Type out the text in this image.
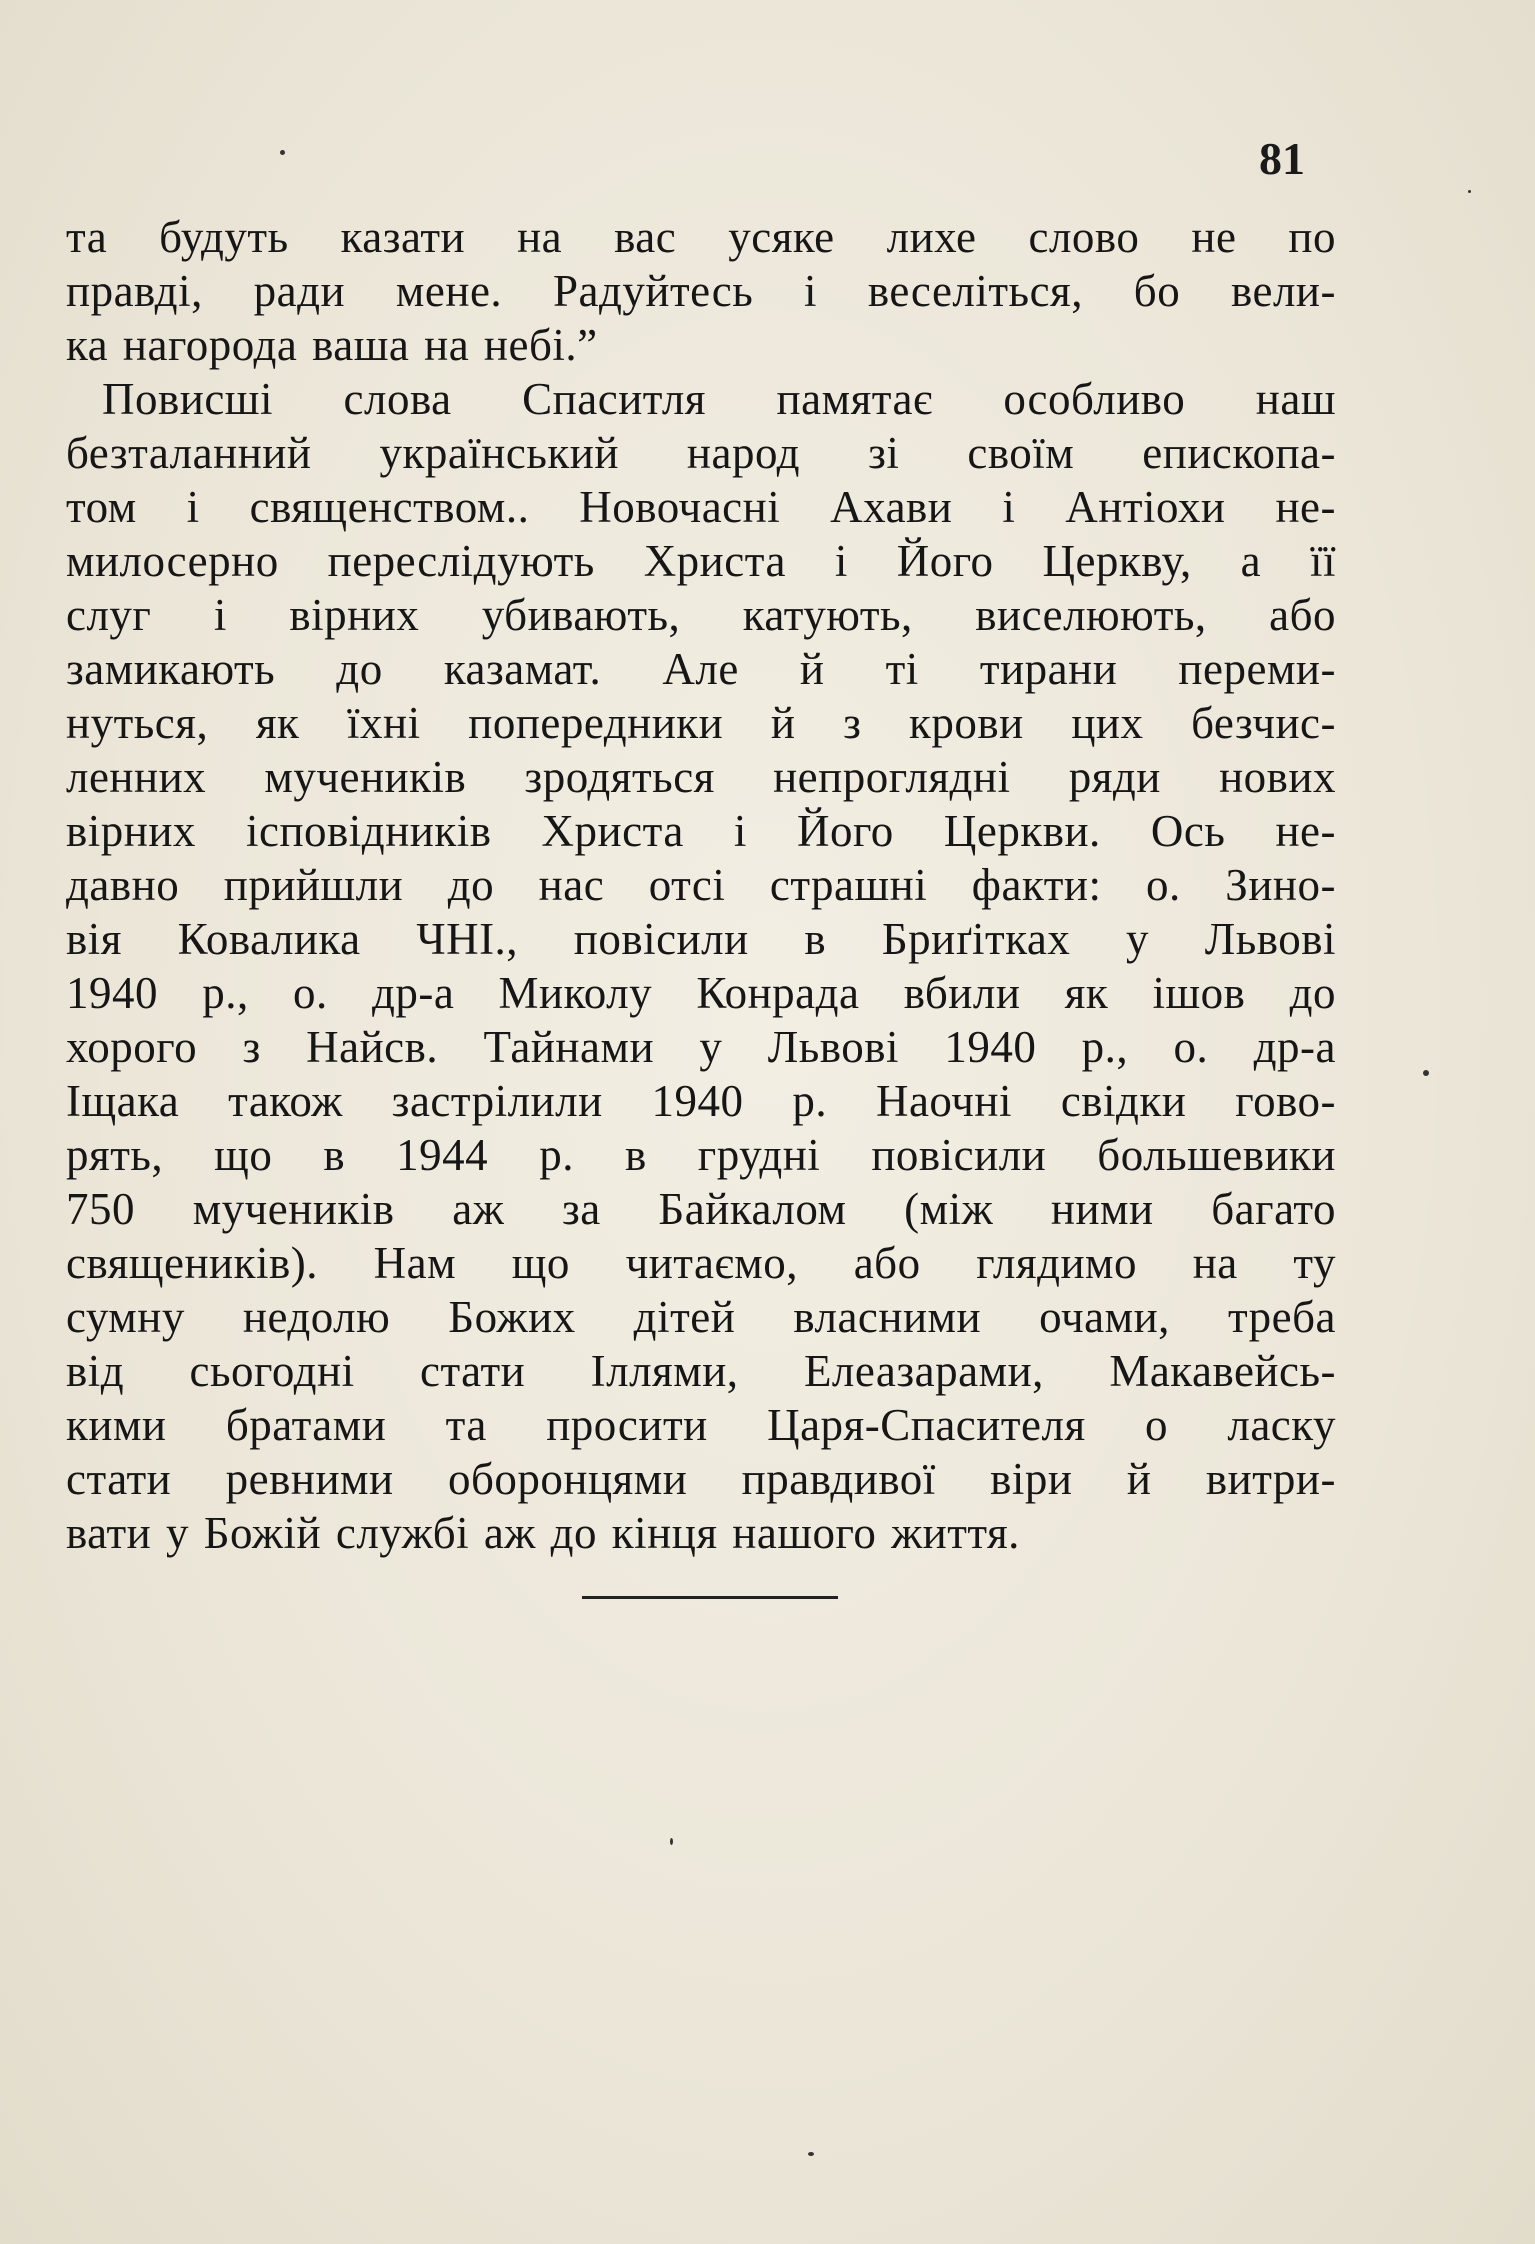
81
та будуть казати на вас усяке лихе слово не по
правді, ради мене. Радуйтесь і веселіться, бо вели-
ка нагорода ваша на небі.”
Повисші слова Спаситля памятає особливо наш
безталанний український народ зі своїм епископа-
том і священством.. Новочасні Ахави і Антіохи не-
милосерно переслідують Христа і Його Церкву, а її
слуг і вірних убивають, катують, виселюють, або
замикають до казамат. Але й ті тирани переми-
нуться, як їхні попередники й з крови цих безчис-
ленних мучеників зродяться непроглядні ряди нових
вірних ісповідників Христа і Його Церкви. Ось не-
давно прийшли до нас отсі страшні факти: о. Зино-
вія Ковалика ЧНІ., повісили в Бриґітках у Львові
1940 р., о. др-а Миколу Конрада вбили як ішов до
хорого з Найсв. Тайнами у Львові 1940 р., о. др-а
Іщака також застрілили 1940 р. Наочні свідки гово-
рять, що в 1944 р. в грудні повісили большевики
750 мучеників аж за Байкалом (між ними багато
священиків). Нам що читаємо, або глядимо на ту
сумну недолю Божих дітей власними очами, треба
від сьогодні стати Іллями, Елеазарами, Макавейсь-
кими братами та просити Царя-Спасителя о ласку
стати ревними оборонцями правдивої віри й витри-
вати у Божій службі аж до кінця нашого життя.
